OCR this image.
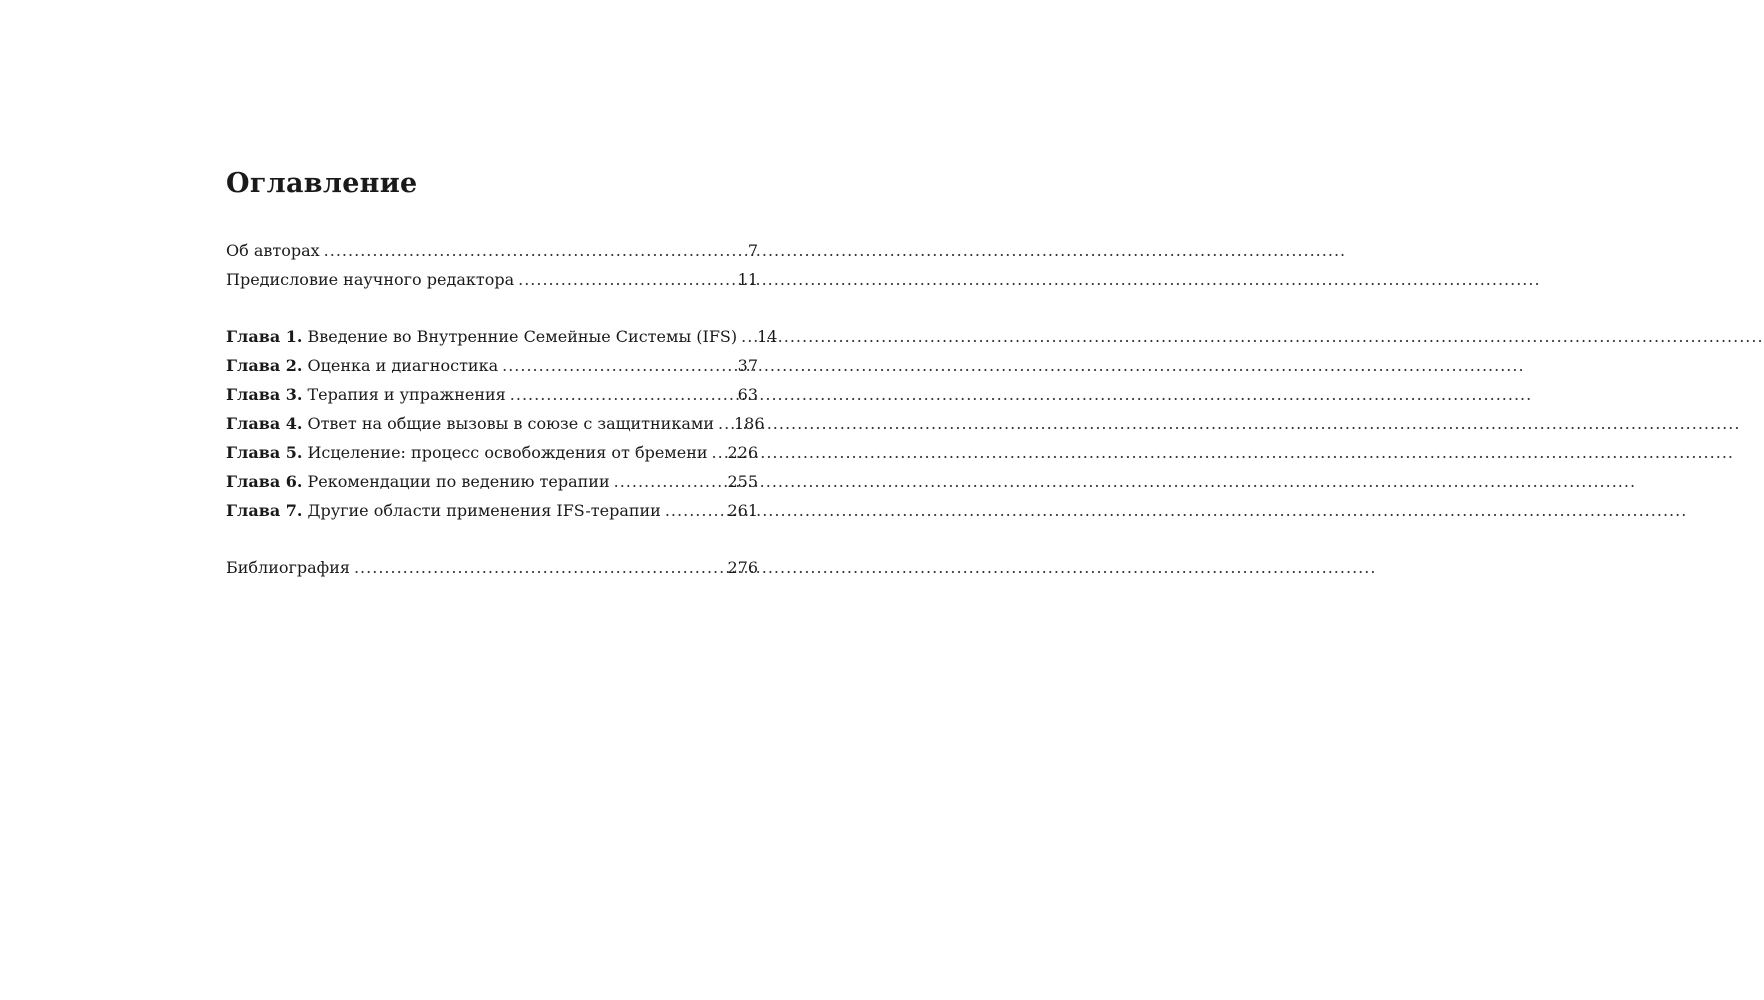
Оглавление
Об авторах .....	7
Предисловие научного редактора .....	11
Глава 1. Введение во Внутренние Семейные Системы (IFS) ..... 14
Глава 2. Оценка и диагностика .....	37
Глава 3. Терапия и упражнения .....	63
Глава 4. Ответ на общие вызовы в союзе с защитниками ..... 186
Глава 5. Исцеление: процесс освобождения от бремени ..... 226
Глава 6. Рекомендации по ведению терапии .....	255
Глава 7. Другие области применения IFS-терапии .....	261
Библиография .....	276
